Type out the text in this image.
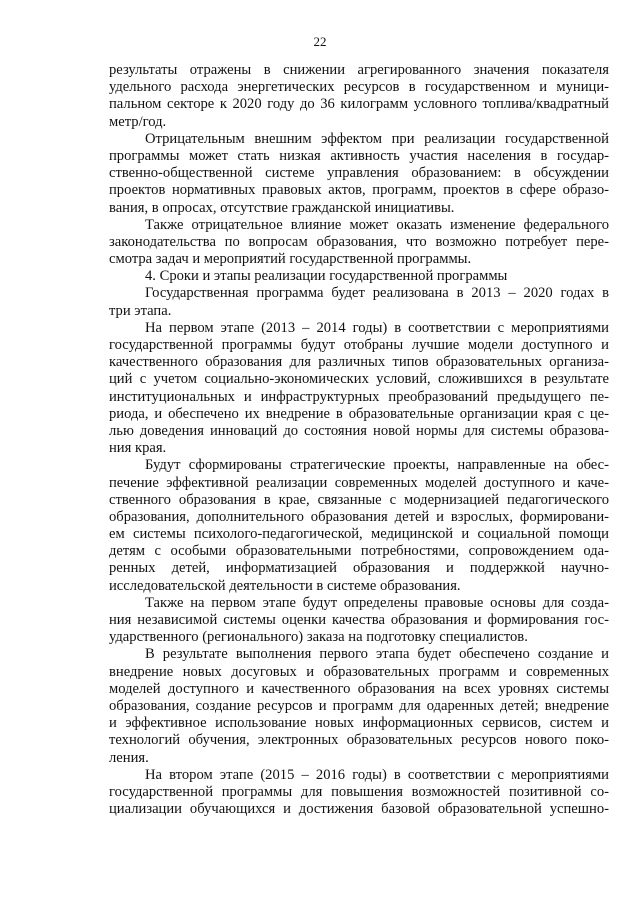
22
результаты отражены в снижении агрегированного значения показателя
удельного расхода энергетических ресурсов в государственном и муници-
пальном секторе к 2020 году до 36 килограмм условного топлива/квадратный
метр/год.
Отрицательным внешним эффектом при реализации государственной
программы может стать низкая активность участия населения в государ-
ственно-общественной системе управления образованием: в обсуждении
проектов нормативных правовых актов, программ, проектов в сфере образо-
вания, в опросах, отсутствие гражданской инициативы.
Также отрицательное влияние может оказать изменение федерального
законодательства по вопросам образования, что возможно потребует пере-
смотра задач и мероприятий государственной программы.
4. Сроки и этапы реализации государственной программы
Государственная программа будет реализована в 2013 – 2020 годах в
три этапа.
На первом этапе (2013 – 2014 годы) в соответствии с мероприятиями
государственной программы будут отобраны лучшие модели доступного и
качественного образования для различных типов образовательных организа-
ций с учетом социально-экономических условий, сложившихся в результате
институциональных и инфраструктурных преобразований предыдущего пе-
риода, и обеспечено их внедрение в образовательные организации края с це-
лью доведения инноваций до состояния новой нормы для системы образова-
ния края.
Будут сформированы стратегические проекты, направленные на обес-
печение эффективной реализации современных моделей доступного и каче-
ственного образования в крае, связанные с модернизацией педагогического
образования, дополнительного образования детей и взрослых, формировани-
ем системы психолого-педагогической, медицинской и социальной помощи
детям с особыми образовательными потребностями, сопровождением ода-
ренных детей, информатизацией образования и поддержкой научно-
исследовательской деятельности в системе образования.
Также на первом этапе будут определены правовые основы для созда-
ния независимой системы оценки качества образования и формирования гос-
ударственного (регионального) заказа на подготовку специалистов.
В результате выполнения первого этапа будет обеспечено создание и
внедрение новых досуговых и образовательных программ и современных
моделей доступного и качественного образования на всех уровнях системы
образования, создание ресурсов и программ для одаренных детей; внедрение
и эффективное использование новых информационных сервисов, систем и
технологий обучения, электронных образовательных ресурсов нового поко-
ления.
На втором этапе (2015 – 2016 годы) в соответствии с мероприятиями
государственной программы для повышения возможностей позитивной со-
циализации обучающихся и достижения базовой образовательной успешно-
